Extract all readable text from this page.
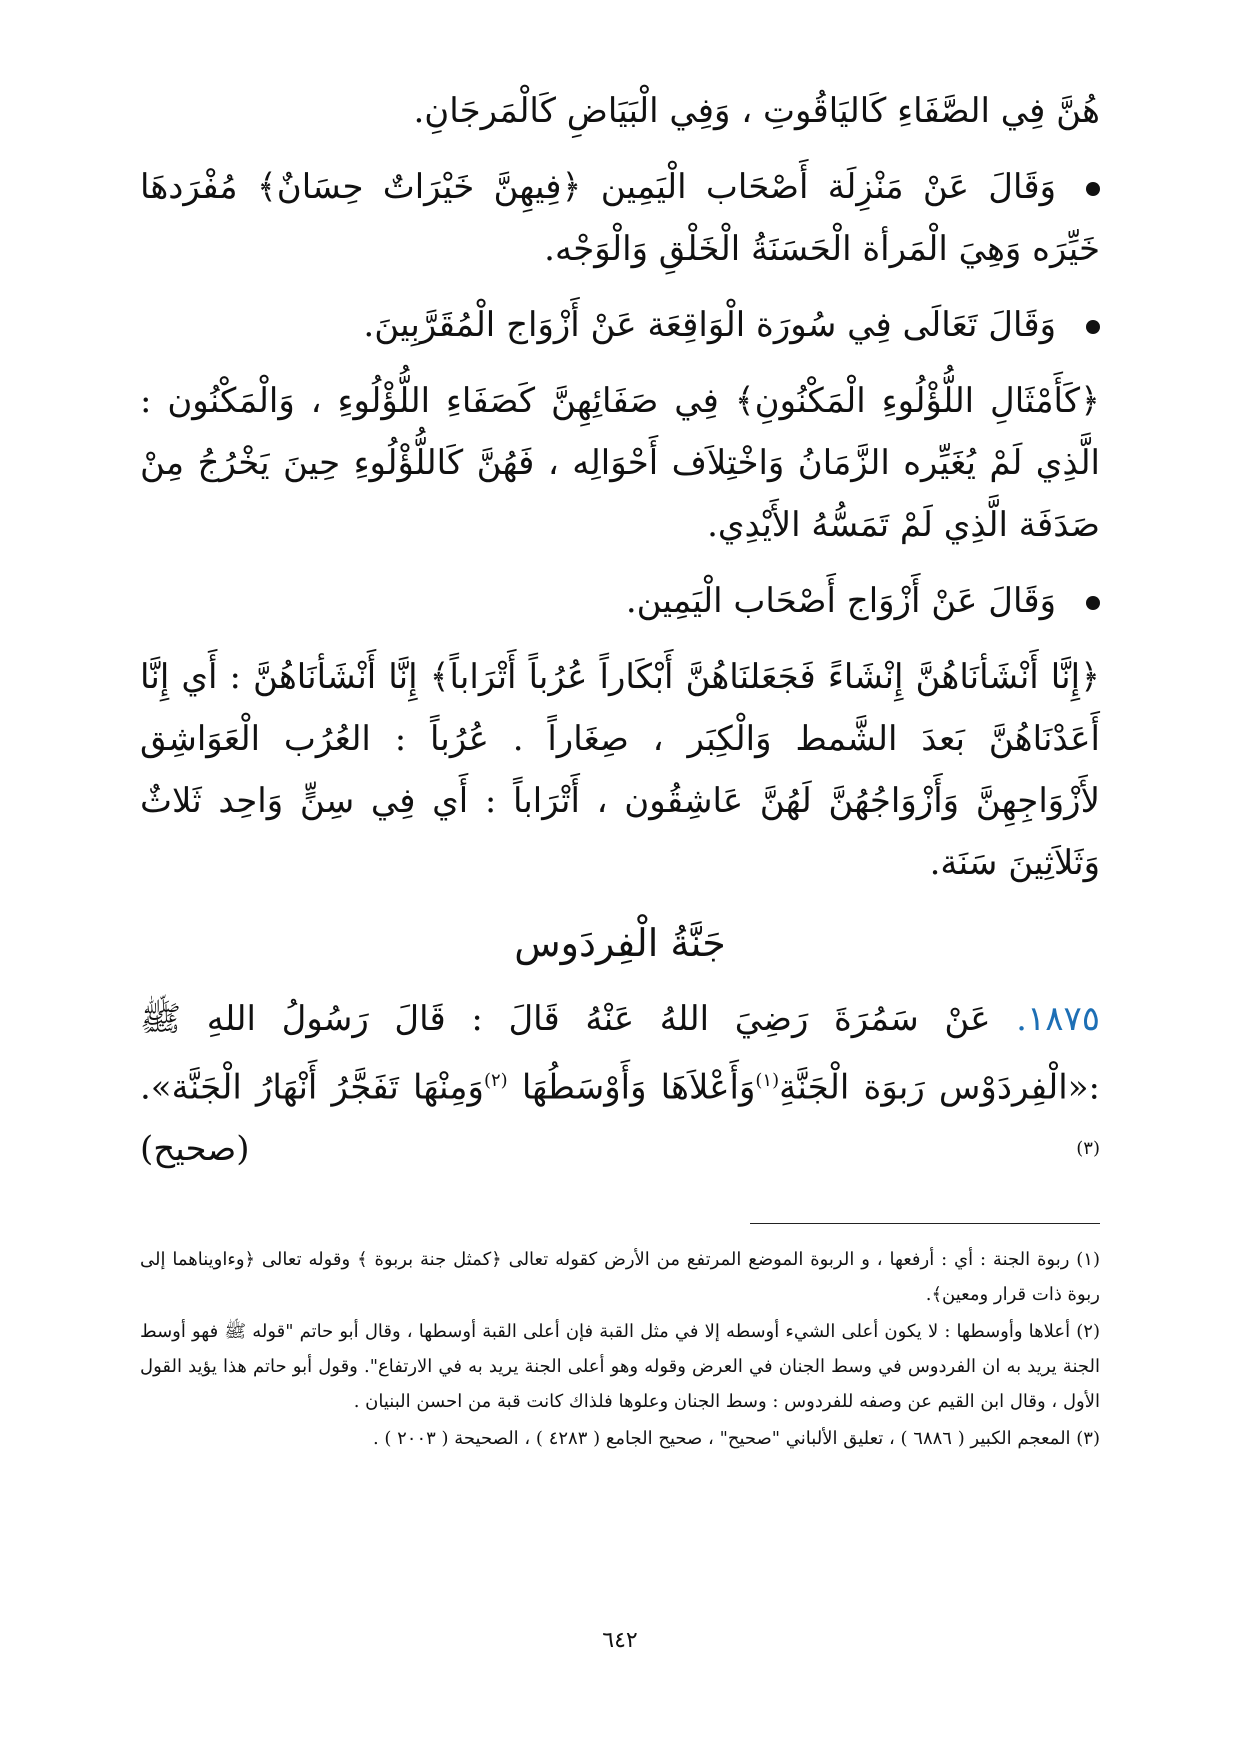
هُنَّ فِي الصَّفَاءِ كَاليَاقُوتِ ، وَفِي الْبَيَاضِ كَالْمَرجَانِ.

وَقَالَ عَنْ مَنْزِلَة أَصْحَاب الْيَمِين ﴿فِيهِنَّ خَيْرَاتٌ حِسَانٌ﴾ مُفْرَدهَا خَيِّرَه وَهِيَ الْمَرأة الْحَسَنَةُ الْخَلْقِ وَالْوَجْه.

وَقَالَ تَعَالَى فِي سُورَة الْوَاقِعَة عَنْ أَزْوَاج الْمُقَرَّبِينَ.

﴿كَأَمْثَالِ اللُّؤْلُوءِ الْمَكْنُونِ﴾ فِي صَفَائِهِنَّ كَصَفَاءِ اللُّؤْلُوءِ ، وَالْمَكْنُون : الَّذِي لَمْ يُغَيِّره الزَّمَانُ وَاخْتِلاَف أَحْوَالِه ، فَهُنَّ كَاللُّؤْلُوءِ حِينَ يَخْرُجُ مِنْ صَدَفَة الَّذِي لَمْ تَمَسُّهُ الأَيْدِي.

وَقَالَ عَنْ أَزْوَاج أَصْحَاب الْيَمِين.

﴿إِنَّا أَنْشَأنَاهُنَّ إِنْشَاءً فَجَعَلنَاهُنَّ أَبْكَاراً عُرُباً أَتْرَاباً﴾ إِنَّا أَنْشَأنَاهُنَّ : أَي إِنَّا أَعَدْنَاهُنَّ بَعدَ الشَّمط وَالْكِبَر ، صِغَاراً . عُرُباً : العُرُب الْعَوَاشِق لأَزْوَاجِهِنَّ وَأَزْوَاجُهُنَّ لَهُنَّ عَاشِقُون ، أَتْرَاباً : أَي فِي سِنٍّ وَاحِد ثَلاثٌ وَثَلاَثِينَ سَنَة.

جَنَّةُ الْفِردَوس

١٨٧٥. عَنْ سَمُرَةَ رَضِيَ اللهُ عَنْهُ قَالَ : قَالَ رَسُولُ اللهِ ﷺ :«الْفِردَوْس رَبوَة الْجَنَّةِ$^{(١)}$وَأَعْلاَهَا وَأَوْسَطُهَا $^{(٢)}$وَمِنْهَا تَفَجَّرُ أَنْهَارُ الْجَنَّة».$^{(٣)}$
(صحيح)

(١) ربوة الجنة : أي : أرفعها ، و الربوة الموضع المرتفع من الأرض كقوله تعالى ﴿كمثل جنة بربوة ﴾ وقوله تعالى ﴿وءاويناهما إلى ربوة ذات قرار ومعين﴾.

(٢) أعلاها وأوسطها : لا يكون أعلى الشيء أوسطه إلا في مثل القبة فإن أعلى القبة أوسطها ، وقال أبو حاتم "قوله ﷺ فهو أوسط الجنة يريد به ان الفردوس في وسط الجنان في العرض وقوله وهو أعلى الجنة يريد به في الارتفاع". وقول أبو حاتم هذا يؤيد القول الأول ، وقال ابن القيم عن وصفه للفردوس : وسط الجنان وعلوها فلذاك كانت قبة من احسن البنيان .

(٣) المعجم الكبير ( ٦٨٨٦ ) ، تعليق الألباني "صحيح" ، صحيح الجامع ( ٤٢٨٣ ) ، الصحيحة ( ٢٠٠٣ ) .

٦٤٢
